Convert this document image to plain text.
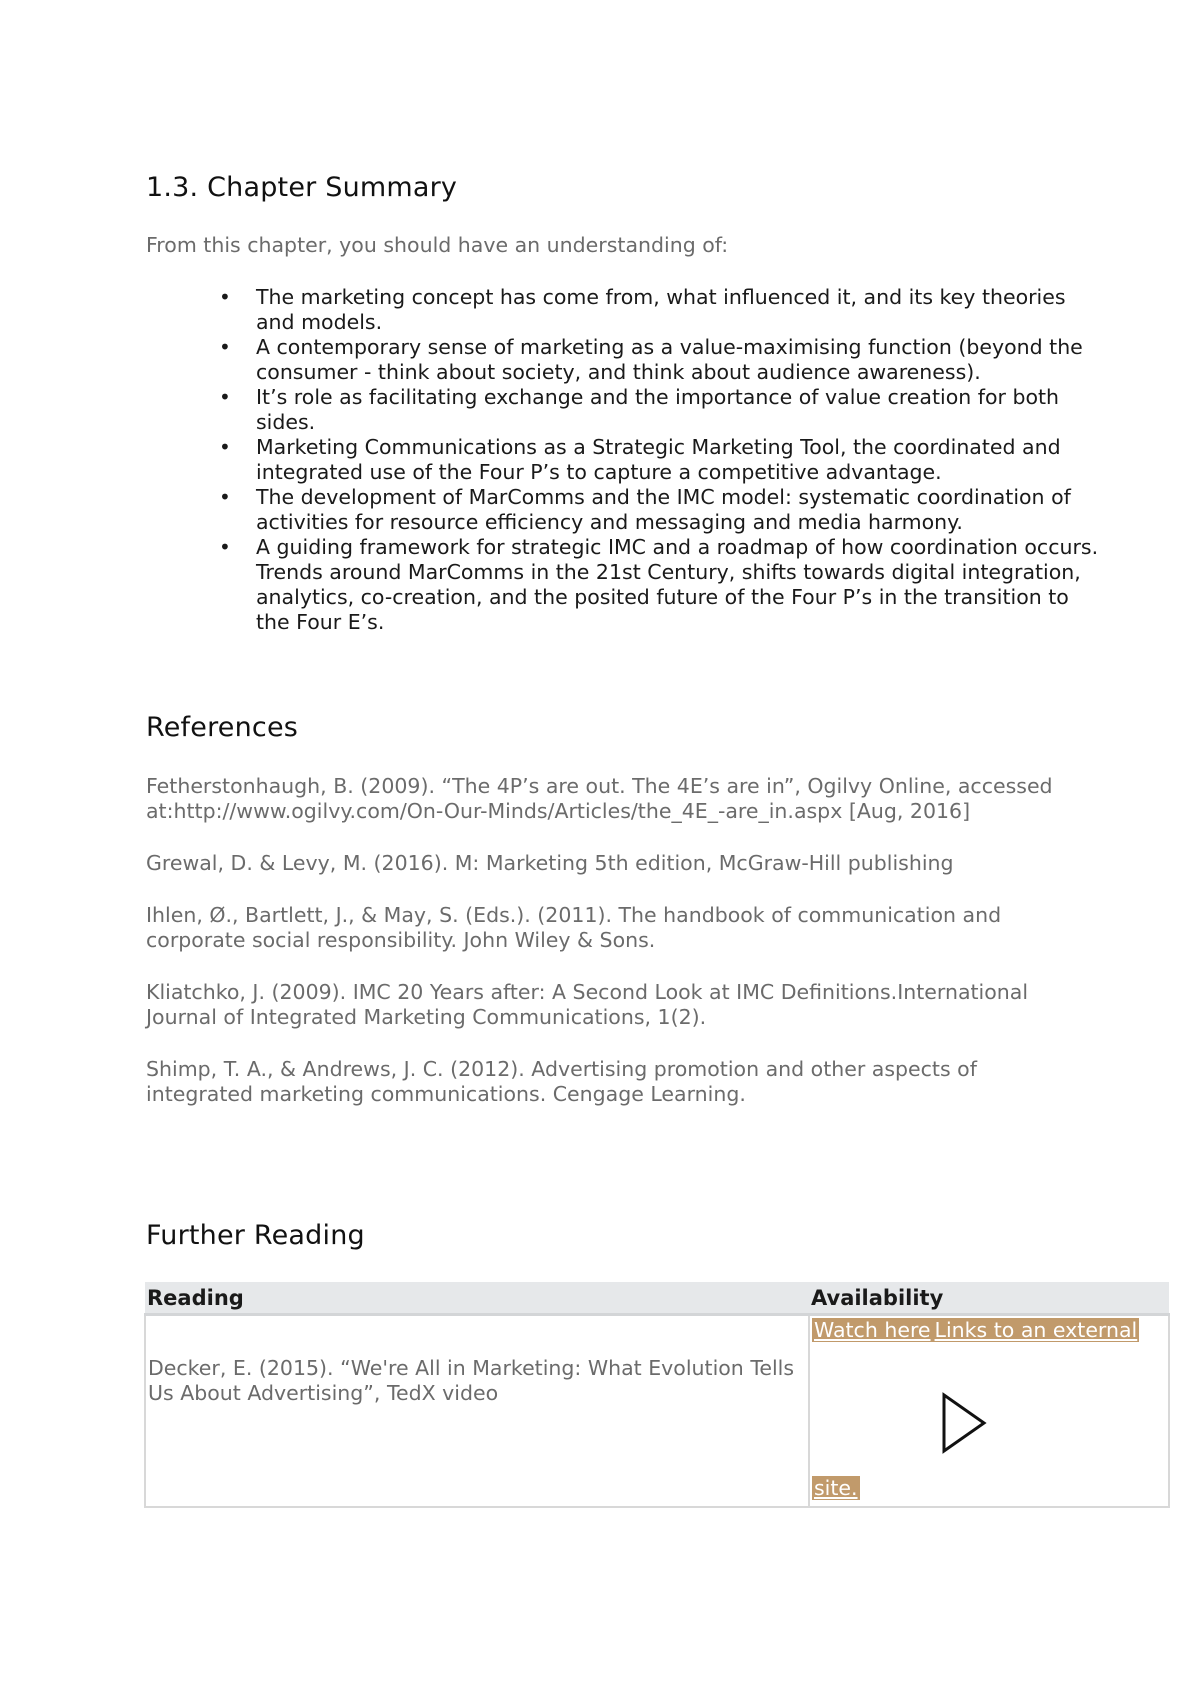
1.3. Chapter Summary

From this chapter, you should have an understanding of:

• The marketing concept has come from, what influenced it, and its key theories and models.
• A contemporary sense of marketing as a value-maximising function (beyond the consumer - think about society, and think about audience awareness).
• It’s role as facilitating exchange and the importance of value creation for both sides.
• Marketing Communications as a Strategic Marketing Tool, the coordinated and integrated use of the Four P’s to capture a competitive advantage.
• The development of MarComms and the IMC model: systematic coordination of activities for resource efficiency and messaging and media harmony.
• A guiding framework for strategic IMC and a roadmap of how coordination occurs. Trends around MarComms in the 21st Century, shifts towards digital integration, analytics, co-creation, and the posited future of the Four P’s in the transition to the Four E’s.
References

Fetherstonhaugh, B. (2009). “The 4P’s are out. The 4E’s are in”, Ogilvy Online, accessed at:http://www.ogilvy.com/On-Our-Minds/Articles/the_4E_-are_in.aspx [Aug, 2016]

Grewal, D. & Levy, M. (2016). M: Marketing 5th edition, McGraw-Hill publishing

Ihlen, Ø., Bartlett, J., & May, S. (Eds.). (2011). The handbook of communication and corporate social responsibility. John Wiley & Sons.

Kliatchko, J. (2009). IMC 20 Years after: A Second Look at IMC Definitions.International Journal of Integrated Marketing Communications, 1(2).

Shimp, T. A., & Andrews, J. C. (2012). Advertising promotion and other aspects of integrated marketing communications. Cengage Learning.

Further Reading
Reading	Availability

Decker, E. (2015). “We're All in Marketing: What Evolution Tells Us About Advertising”, TedX video	Watch here Links to an external
site.
